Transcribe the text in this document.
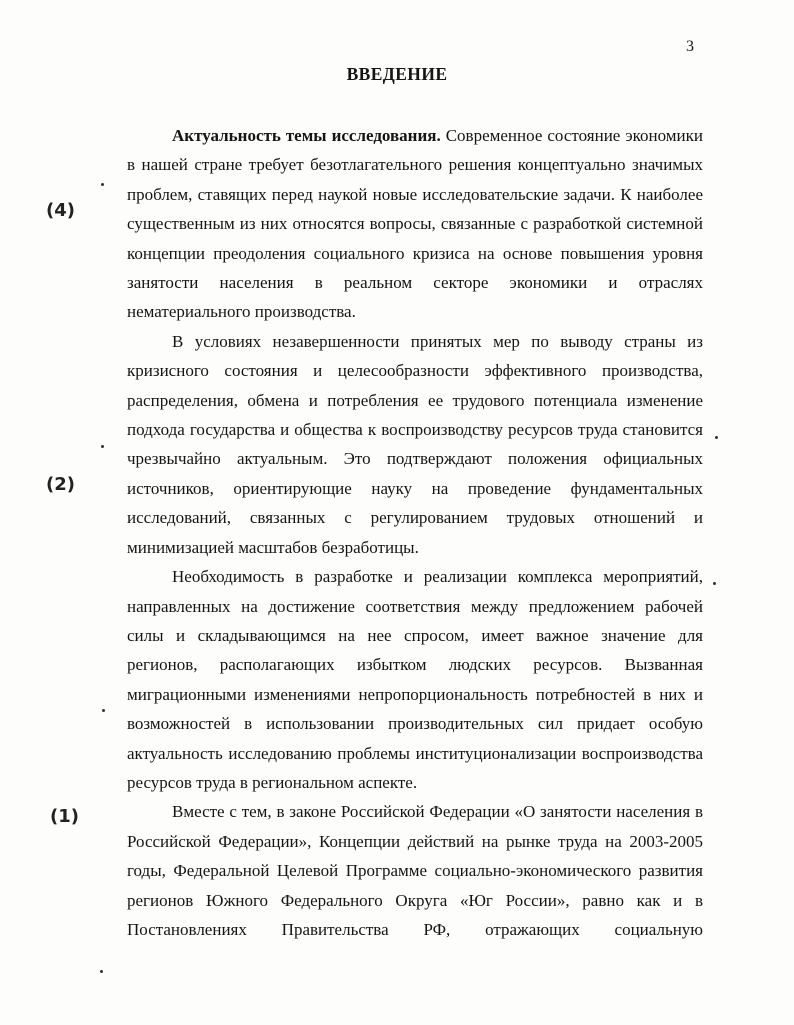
3
ВВЕДЕНИЕ

Актуальность темы исследования. Современное состояние экономики в нашей стране требует безотлагательного решения концептуально значимых проблем, ставящих перед наукой новые исследовательские задачи. К наиболее существенным из них относятся вопросы, связанные с разработкой системной концепции преодоления социального кризиса на основе повышения уровня занятости населения в реальном секторе экономики и отраслях нематериального производства.

В условиях незавершенности принятых мер по выводу страны из кризисного состояния и целесообразности эффективного производства, распределения, обмена и потребления ее трудового потенциала изменение подхода государства и общества к воспроизводству ресурсов труда становится чрезвычайно актуальным. Это подтверждают положения официальных источников, ориентирующие науку на проведение фундаментальных исследований, связанных с регулированием трудовых отношений и минимизацией масштабов безработицы.

Необходимость в разработке и реализации комплекса мероприятий, направленных на достижение соответствия между предложением рабочей силы и складывающимся на нее спросом, имеет важное значение для регионов, располагающих избытком людских ресурсов. Вызванная миграционными изменениями непропорциональность потребностей в них и возможностей в использовании производительных сил придает особую актуальность исследованию проблемы институционализации воспроизводства ресурсов труда в региональном аспекте.

Вместе с тем, в законе Российской Федерации «О занятости населения в Российской Федерации», Концепции действий на рынке труда на 2003-2005 годы, Федеральной Целевой Программе социально-экономического развития регионов Южного Федерального Округа «Юг России», равно как и в Постановлениях Правительства РФ, отражающих социальную

(4)
(2)
(1)
